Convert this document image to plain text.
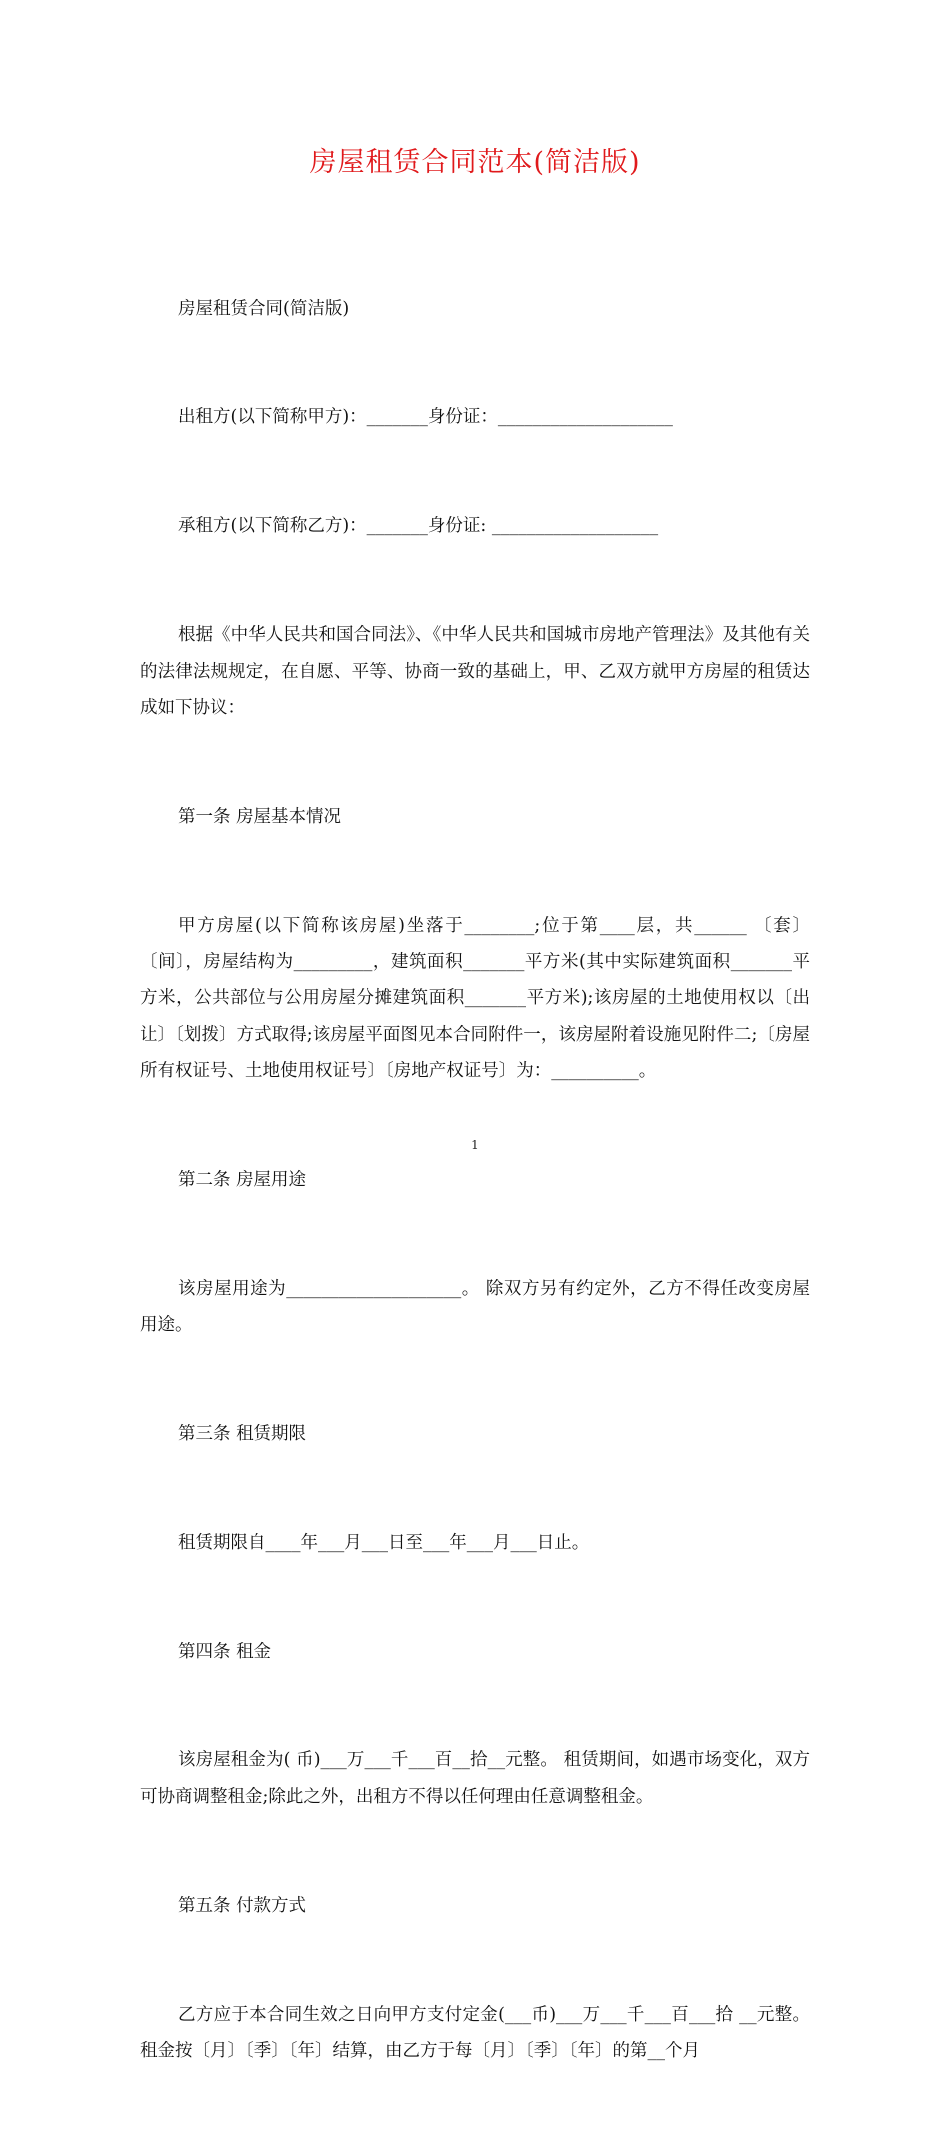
房屋租赁合同范本(简洁版)

房屋租赁合同(简洁版)

出租方(以下简称甲方)：_______身份证：____________________

承租方(以下简称乙方)：_______身份证: ___________________

根据《中华人民共和国合同法》、《中华人民共和国城市房地产管理法》及其他有关的法律法规规定，在自愿、平等、协商一致的基础上，甲、乙双方就甲方房屋的租赁达成如下协议：

第一条 房屋基本情况

甲方房屋(以下简称该房屋)坐落于________;位于第____层，共______ 〔套〕〔间〕，房屋结构为_________，建筑面积_______平方米(其中实际建筑面积_______平方米，公共部位与公用房屋分摊建筑面积_______平方米);该房屋的土地使用权以〔出让〕〔划拨〕方式取得;该房屋平面图见本合同附件一，该房屋附着设施见附件二;〔房屋所有权证号、土地使用权证号〕〔房地产权证号〕为：__________。

第二条 房屋用途

该房屋用途为____________________。 除双方另有约定外，乙方不得任改变房屋用途。

第三条 租赁期限

租赁期限自____年___月___日至___年___月___日止。

第四条 租金

该房屋租金为( 币)___万___千___百__拾__元整。 租赁期间，如遇市场变化，双方可协商调整租金;除此之外，出租方不得以任何理由任意调整租金。

第五条 付款方式

乙方应于本合同生效之日向甲方支付定金(___币)___万___千___百___拾 __元整。租金按〔月〕〔季〕〔年〕结算，由乙方于每〔月〕〔季〕〔年〕的第__个月

1
